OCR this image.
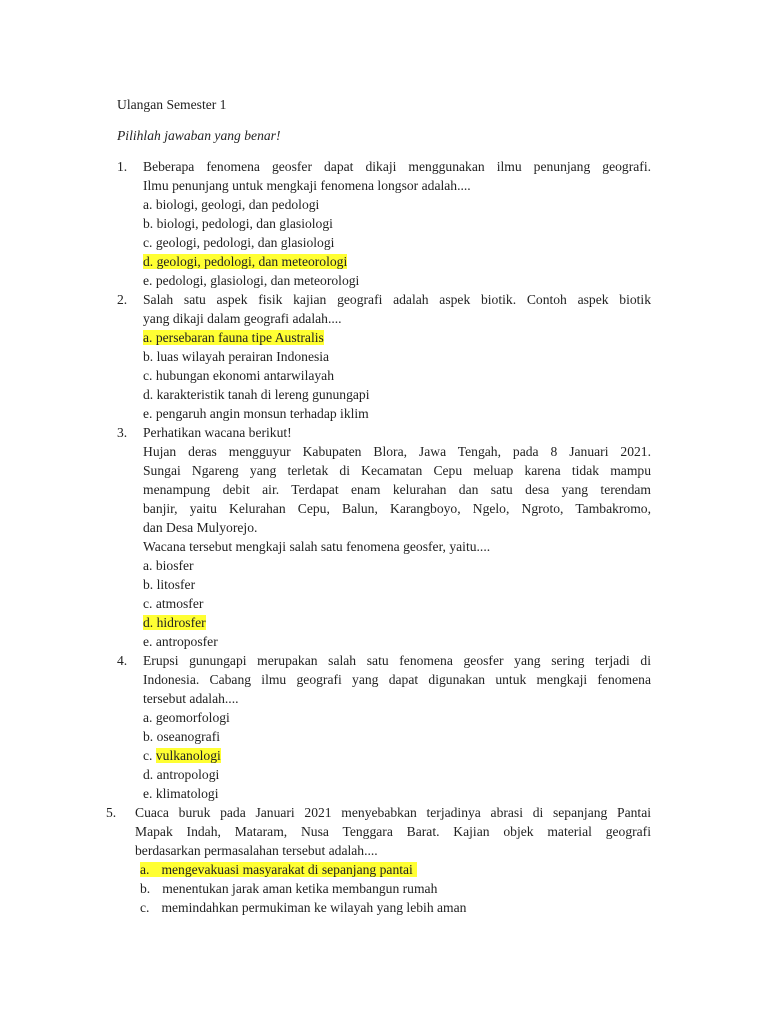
Ulangan Semester 1
Pilihlah jawaban yang benar!
1. Beberapa fenomena geosfer dapat dikaji menggunakan ilmu penunjang geografi.
Ilmu penunjang untuk mengkaji fenomena longsor adalah....
a. biologi, geologi, dan pedologi
b. biologi, pedologi, dan glasiologi
c. geologi, pedologi, dan glasiologi
d. geologi, pedologi, dan meteorologi
e. pedologi, glasiologi, dan meteorologi
2. Salah satu aspek fisik kajian geografi adalah aspek biotik. Contoh aspek biotik
yang dikaji dalam geografi adalah....
a. persebaran fauna tipe Australis
b. luas wilayah perairan Indonesia
c. hubungan ekonomi antarwilayah
d. karakteristik tanah di lereng gunungapi
e. pengaruh angin monsun terhadap iklim
3. Perhatikan wacana berikut!
Hujan deras mengguyur Kabupaten Blora, Jawa Tengah, pada 8 Januari 2021.
Sungai Ngareng yang terletak di Kecamatan Cepu meluap karena tidak mampu
menampung debit air. Terdapat enam kelurahan dan satu desa yang terendam
banjir, yaitu Kelurahan Cepu, Balun, Karangboyo, Ngelo, Ngroto, Tambakromo,
dan Desa Mulyorejo.
Wacana tersebut mengkaji salah satu fenomena geosfer, yaitu....
a. biosfer
b. litosfer
c. atmosfer
d. hidrosfer
e. antroposfer
4. Erupsi gunungapi merupakan salah satu fenomena geosfer yang sering terjadi di
Indonesia. Cabang ilmu geografi yang dapat digunakan untuk mengkaji fenomena
tersebut adalah....
a. geomorfologi
b. oseanografi
c. vulkanologi
d. antropologi
e. klimatologi
5. Cuaca buruk pada Januari 2021 menyebabkan terjadinya abrasi di sepanjang Pantai
Mapak Indah, Mataram, Nusa Tenggara Barat. Kajian objek material geografi
berdasarkan permasalahan tersebut adalah....
a. mengevakuasi masyarakat di sepanjang pantai
b. menentukan jarak aman ketika membangun rumah
c. memindahkan permukiman ke wilayah yang lebih aman
